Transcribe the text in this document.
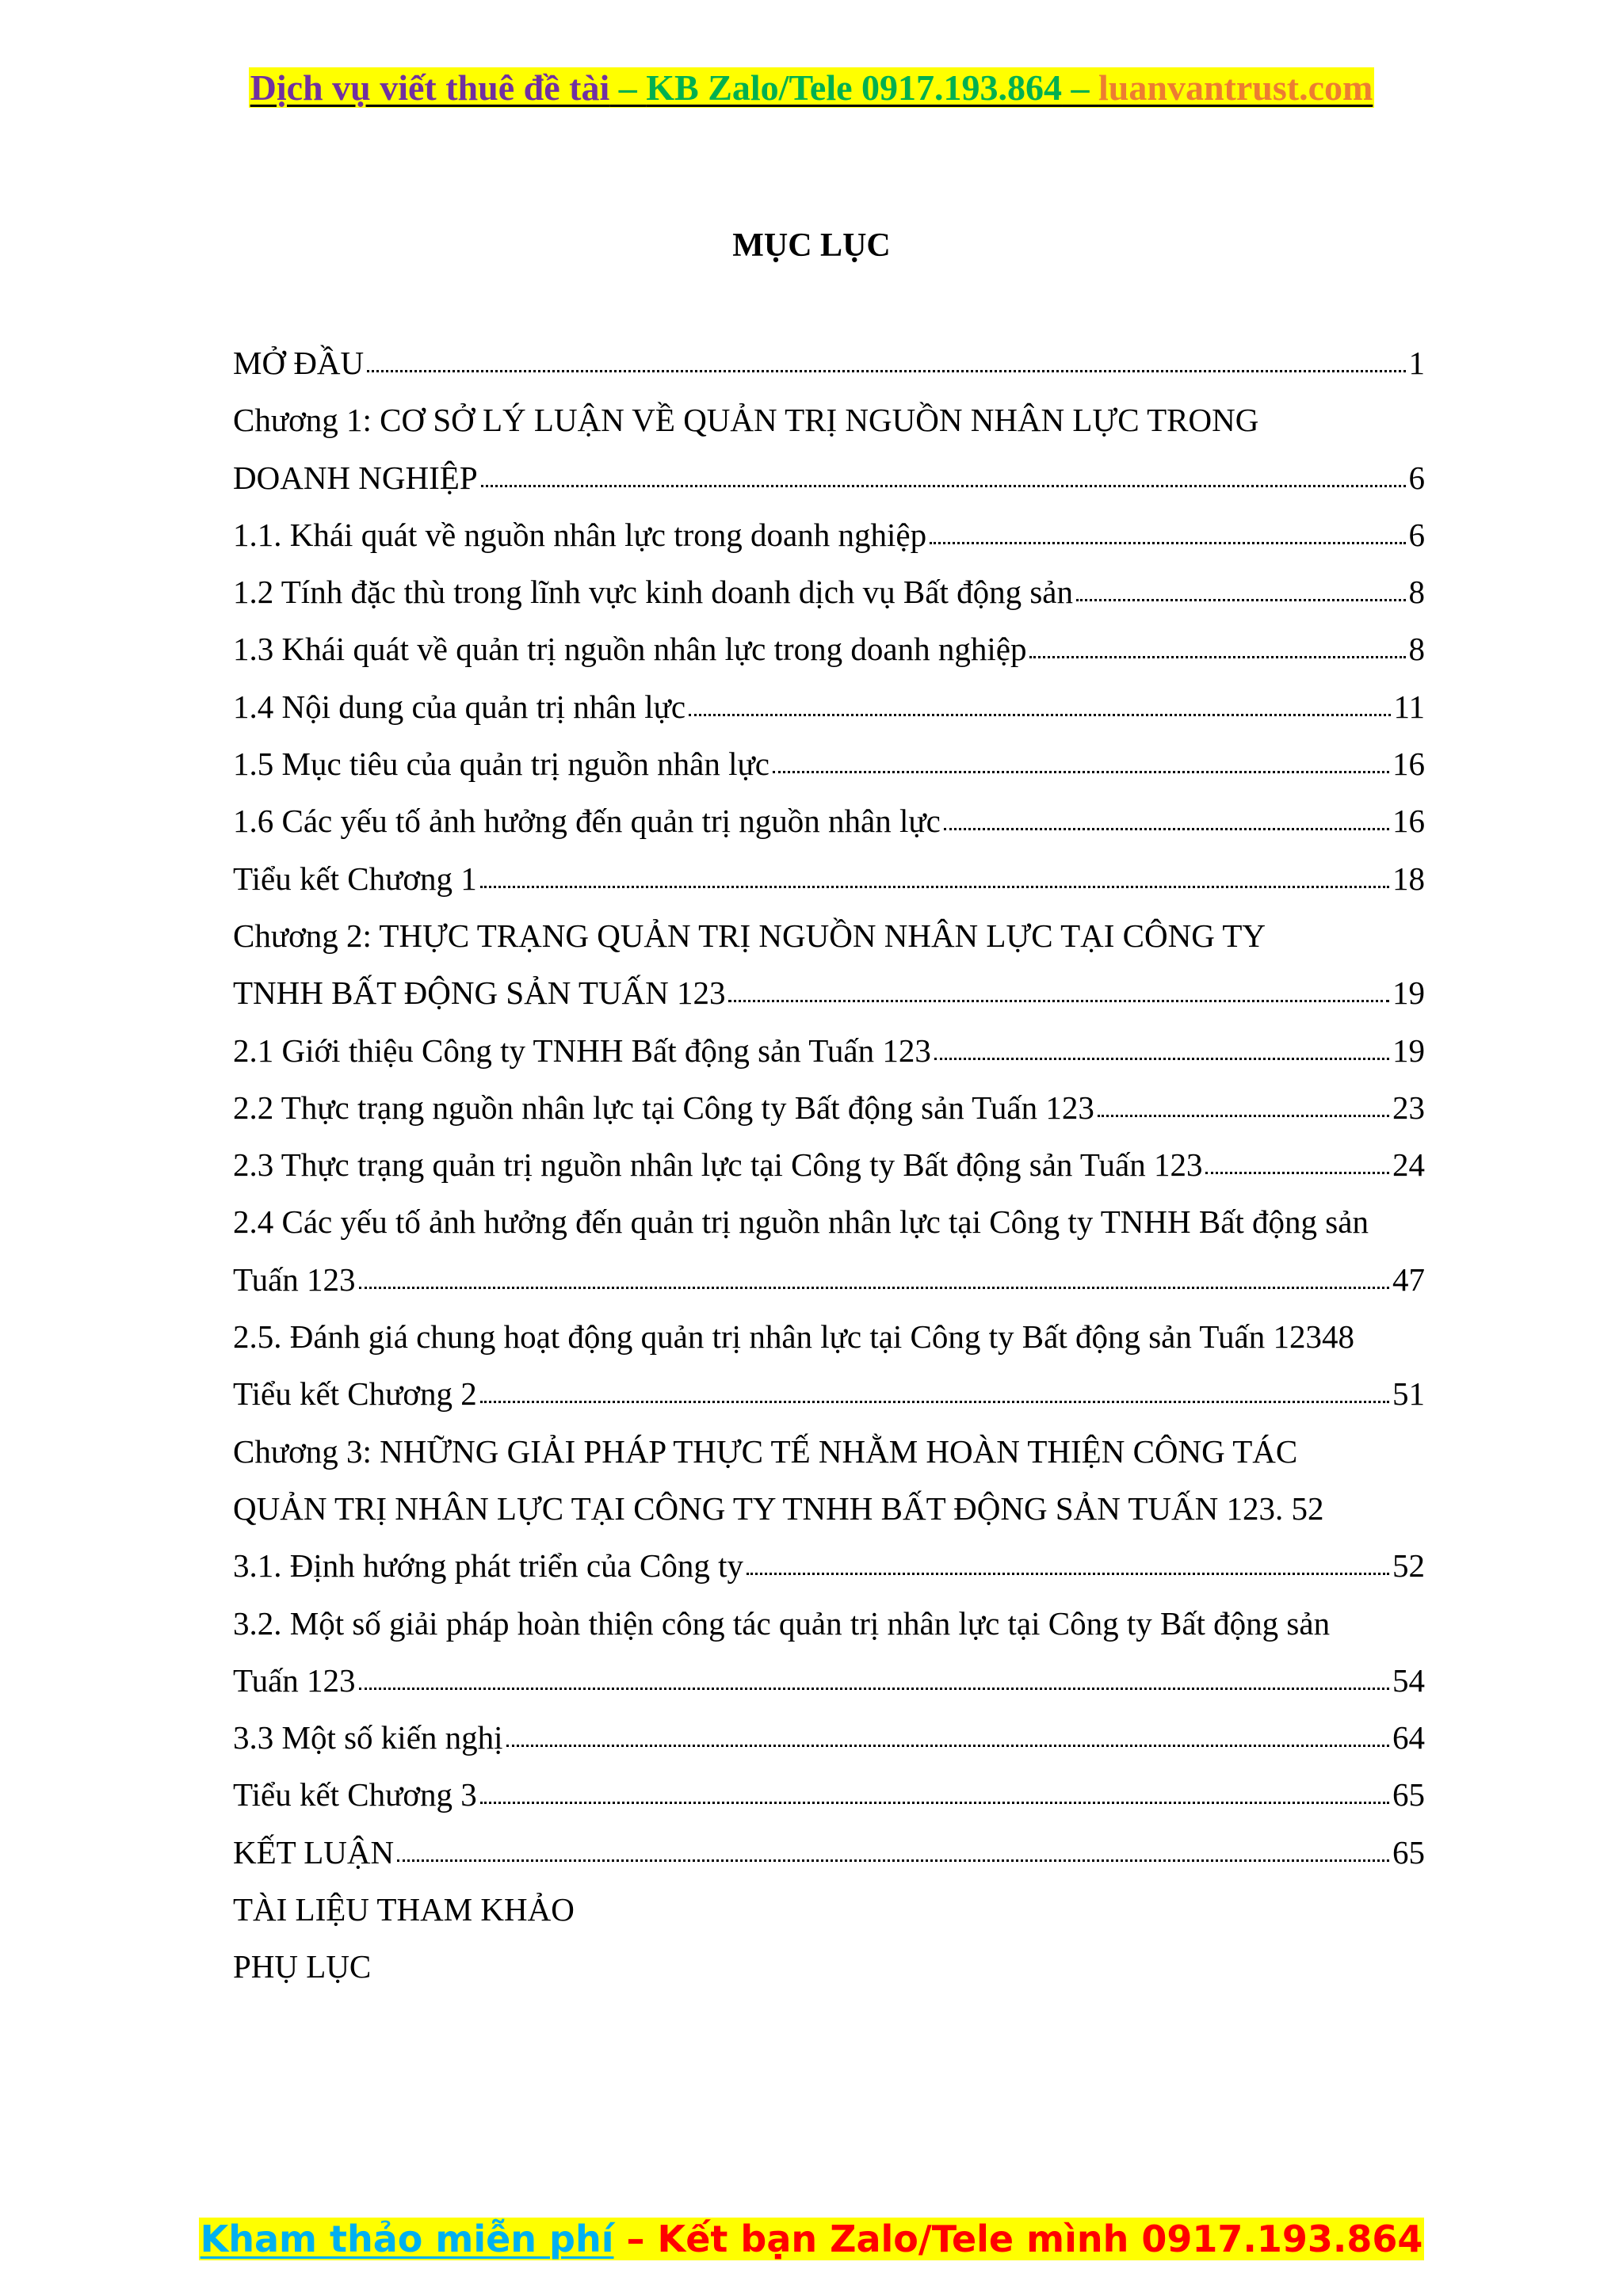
Dịch vụ viết thuê đề tài – KB Zalo/Tele 0917.193.864 – luanvantrust.com
MỤC LỤC
MỞ ĐẦU	1
Chương 1: CƠ SỞ LÝ LUẬN VỀ QUẢN TRỊ NGUỒN NHÂN LỰC TRONG
DOANH NGHIỆP	6
1.1. Khái quát về nguồn nhân lực trong doanh nghiệp	6
1.2 Tính đặc thù trong lĩnh vực kinh doanh dịch vụ Bất động sản	8
1.3 Khái quát về quản trị nguồn nhân lực trong doanh nghiệp	8
1.4 Nội dung của quản trị nhân lực	11
1.5 Mục tiêu của quản trị nguồn nhân lực	16
1.6 Các yếu tố ảnh hưởng đến quản trị nguồn nhân lực	16
Tiểu kết Chương 1	18
Chương 2: THỰC TRẠNG QUẢN TRỊ NGUỒN NHÂN LỰC TẠI CÔNG TY
TNHH BẤT ĐỘNG SẢN TUẤN 123	19
2.1 Giới thiệu Công ty TNHH Bất động sản Tuấn 123	19
2.2 Thực trạng nguồn nhân lực tại Công ty Bất động sản Tuấn 123	23
2.3 Thực trạng quản trị nguồn nhân lực tại Công ty Bất động sản Tuấn 123	24
2.4 Các yếu tố ảnh hưởng đến quản trị nguồn nhân lực tại Công ty TNHH Bất động sản
Tuấn 123	47
2.5. Đánh giá chung hoạt động quản trị nhân lực tại Công ty Bất động sản Tuấn 12348
Tiểu kết Chương 2	51
Chương 3: NHỮNG GIẢI PHÁP THỰC TẾ NHẰM HOÀN THIỆN CÔNG TÁC
QUẢN TRỊ NHÂN LỰC TẠI CÔNG TY TNHH BẤT ĐỘNG SẢN TUẤN 123. 52
3.1. Định hướng phát triển của Công ty	52
3.2. Một số giải pháp hoàn thiện công tác quản trị nhân lực tại Công ty Bất động sản
Tuấn 123	54
3.3 Một số kiến nghị	64
Tiểu kết Chương 3	65
KẾT LUẬN	65
TÀI LIỆU THAM KHẢO
PHỤ LỤC
Kham thảo miễn phí – Kết bạn Zalo/Tele mình 0917.193.864
